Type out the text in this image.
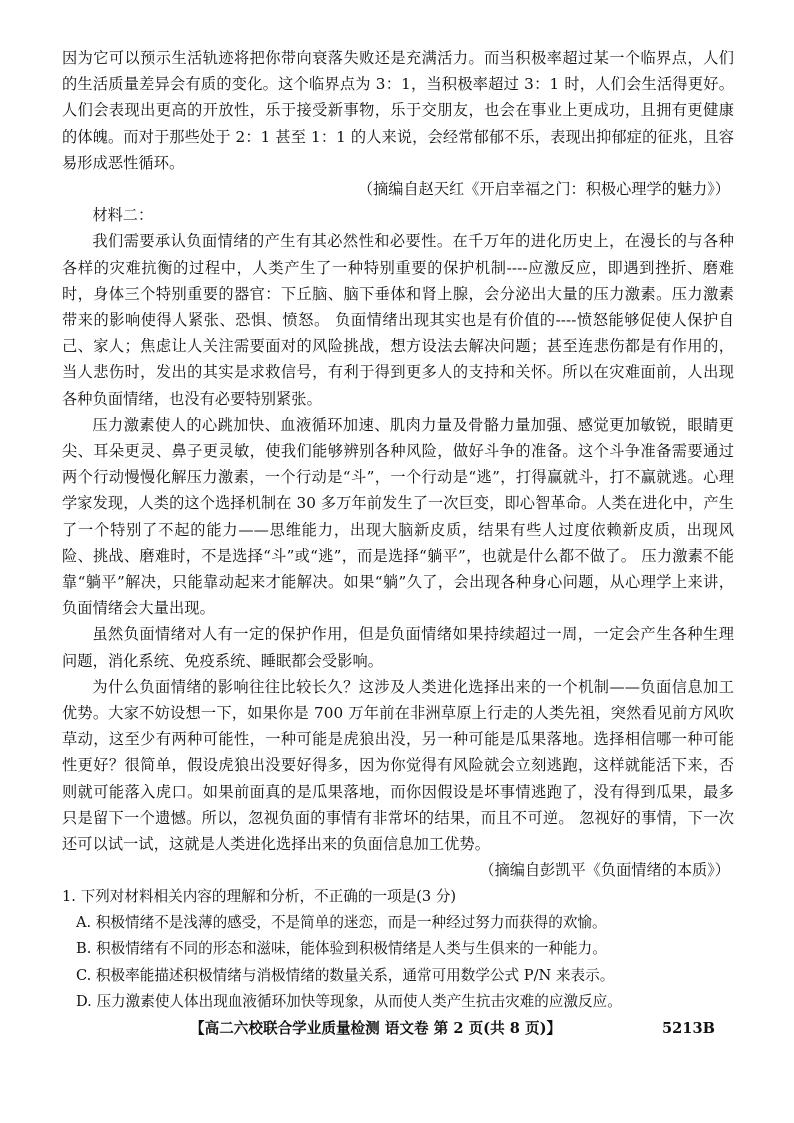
因为它可以预示生活轨迹将把你带向衰落失败还是充满活力。而当积极率超过某一个临界点，人们的生活质量差异会有质的变化。这个临界点为 3：1，当积极率超过 3：1 时，人们会生活得更好。人们会表现出更高的开放性，乐于接受新事物，乐于交朋友，也会在事业上更成功，且拥有更健康的体魄。而对于那些处于 2：1 甚至 1：1 的人来说，会经常郁郁不乐，表现出抑郁症的征兆，且容易形成恶性循环。

（摘编自赵天红《开启幸福之门：积极心理学的魅力》）

材料二：

我们需要承认负面情绪的产生有其必然性和必要性。在千万年的进化历史上，在漫长的与各种各样的灾难抗衡的过程中，人类产生了一种特别重要的保护机制----应激反应，即遇到挫折、磨难时，身体三个特别重要的器官：下丘脑、脑下垂体和肾上腺，会分泌出大量的压力激素。压力激素带来的影响使得人紧张、恐惧、愤怒。 负面情绪出现其实也是有价值的----愤怒能够促使人保护自己、家人；焦虑让人关注需要面对的风险挑战，想方设法去解决问题；甚至连悲伤都是有作用的，当人悲伤时，发出的其实是求救信号，有利于得到更多人的支持和关怀。所以在灾难面前，人出现各种负面情绪，也没有必要特别紧张。

压力激素使人的心跳加快、血液循环加速、肌肉力量及骨骼力量加强、感觉更加敏锐，眼睛更尖、耳朵更灵、鼻子更灵敏，使我们能够辨别各种风险，做好斗争的准备。这个斗争准备需要通过两个行动慢慢化解压力激素，一个行动是“斗”，一个行动是“逃”，打得赢就斗，打不赢就逃。心理学家发现，人类的这个选择机制在 30 多万年前发生了一次巨变，即心智革命。人类在进化中，产生了一个特别了不起的能力——思维能力，出现大脑新皮质，结果有些人过度依赖新皮质，出现风险、挑战、磨难时，不是选择“斗”或“逃”，而是选择“躺平”，也就是什么都不做了。 压力激素不能靠“躺平”解决，只能靠动起来才能解决。如果“躺”久了，会出现各种身心问题，从心理学上来讲，负面情绪会大量出现。

虽然负面情绪对人有一定的保护作用，但是负面情绪如果持续超过一周，一定会产生各种生理问题，消化系统、免疫系统、睡眠都会受影响。

为什么负面情绪的影响往往比较长久？这涉及人类进化选择出来的一个机制——负面信息加工优势。大家不妨设想一下，如果你是 700 万年前在非洲草原上行走的人类先祖，突然看见前方风吹草动，这至少有两种可能性，一种可能是虎狼出没，另一种可能是瓜果落地。选择相信哪一种可能性更好？很简单，假设虎狼出没要好得多，因为你觉得有风险就会立刻逃跑，这样就能活下来，否则就可能落入虎口。如果前面真的是瓜果落地，而你因假设是坏事情逃跑了，没有得到瓜果，最多只是留下一个遗憾。所以，忽视负面的事情有非常坏的结果，而且不可逆。 忽视好的事情，下一次还可以试一试，这就是人类进化选择出来的负面信息加工优势。

（摘编自彭凯平《负面情绪的本质》）

1. 下列对材料相关内容的理解和分析，不正确的一项是(3 分)

A. 积极情绪不是浅薄的感受，不是简单的迷恋，而是一种经过努力而获得的欢愉。

B. 积极情绪有不同的形态和滋味，能体验到积极情绪是人类与生俱来的一种能力。

C. 积极率能描述积极情绪与消极情绪的数量关系，通常可用数学公式 P/N 来表示。

D. 压力激素使人体出现血液循环加快等现象，从而使人类产生抗击灾难的应激反应。

【高二六校联合学业质量检测 语文卷 第 2 页(共 8 页)】	5213B
